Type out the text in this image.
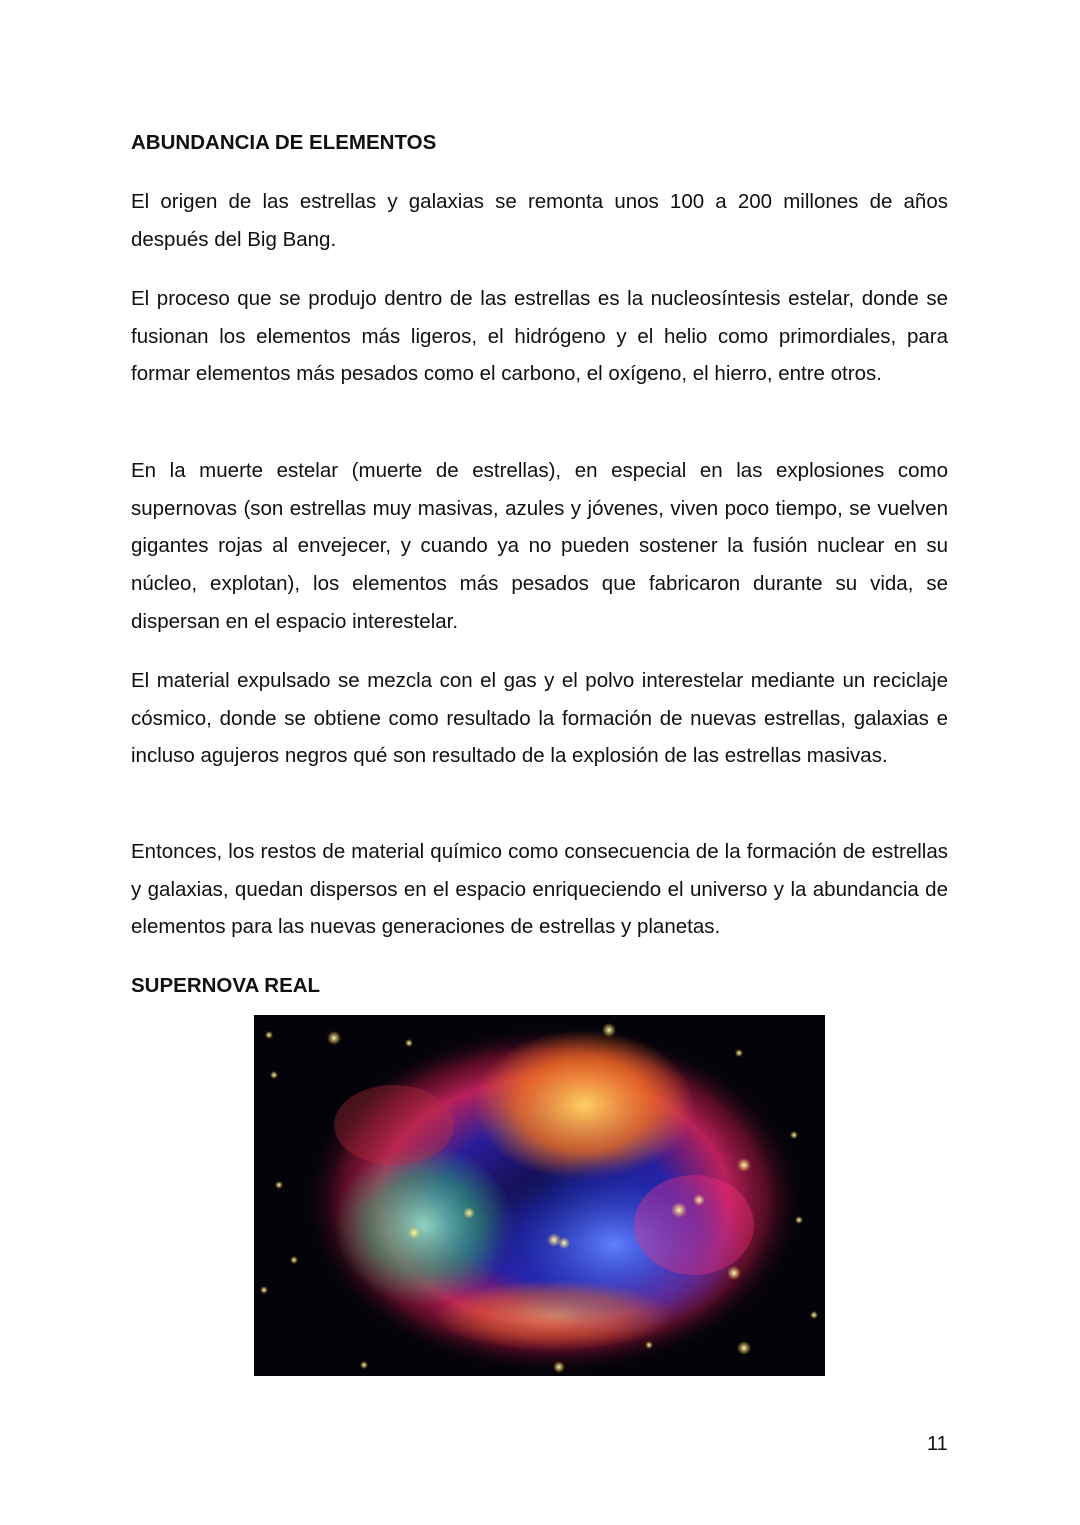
ABUNDANCIA DE ELEMENTOS

El origen de las estrellas y galaxias se remonta unos 100 a 200 millones de años después del Big Bang.

El proceso que se produjo dentro de las estrellas es la nucleosíntesis estelar, donde se fusionan los elementos más ligeros, el hidrógeno y el helio como primordiales, para formar elementos más pesados como el carbono, el oxígeno, el hierro, entre otros.

En la muerte estelar (muerte de estrellas), en especial en las explosiones como supernovas (son estrellas muy masivas, azules y jóvenes, viven poco tiempo, se vuelven gigantes rojas al envejecer, y cuando ya no pueden sostener la fusión nuclear en su núcleo, explotan), los elementos más pesados que fabricaron durante su vida, se dispersan en el espacio interestelar.

El material expulsado se mezcla con el gas y el polvo interestelar mediante un reciclaje cósmico, donde se obtiene como resultado la formación de nuevas estrellas, galaxias e incluso agujeros negros qué son resultado de la explosión de las estrellas masivas.

Entonces, los restos de material químico como consecuencia de la formación de estrellas y galaxias, quedan dispersos en el espacio enriqueciendo el universo y la abundancia de elementos para las nuevas generaciones de estrellas y planetas.

SUPERNOVA REAL
11
